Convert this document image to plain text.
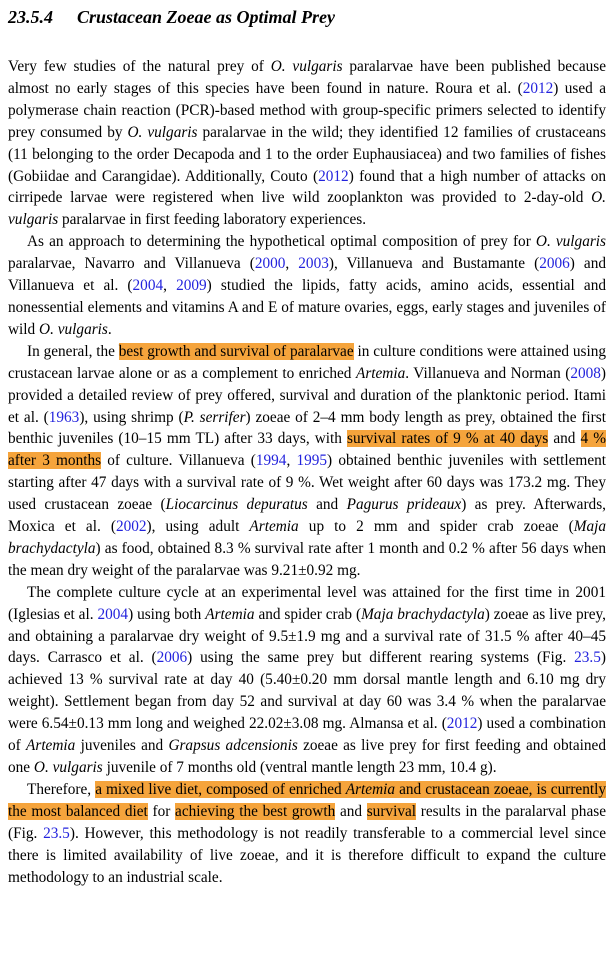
23.5.4 Crustacean Zoeae as Optimal Prey

Very few studies of the natural prey of O. vulgaris paralarvae have been published because almost no early stages of this species have been found in nature. Roura et al. (2012) used a polymerase chain reaction (PCR)-based method with group-specific primers selected to identify prey consumed by O. vulgaris paralarvae in the wild; they identified 12 families of crustaceans (11 belonging to the order Decapoda and 1 to the order Euphausiacea) and two families of fishes (Gobiidae and Carangidae). Additionally, Couto (2012) found that a high number of attacks on cirripede larvae were registered when live wild zooplankton was provided to 2-day-old O. vulgaris paralarvae in first feeding laboratory experiences.

As an approach to determining the hypothetical optimal composition of prey for O. vulgaris paralarvae, Navarro and Villanueva (2000, 2003), Villanueva and Bustamante (2006) and Villanueva et al. (2004, 2009) studied the lipids, fatty acids, amino acids, essential and nonessential elements and vitamins A and E of mature ovaries, eggs, early stages and juveniles of wild O. vulgaris.

In general, the best growth and survival of paralarvae in culture conditions were attained using crustacean larvae alone or as a complement to enriched Artemia. Villanueva and Norman (2008) provided a detailed review of prey offered, survival and duration of the planktonic period. Itami et al. (1963), using shrimp (P. serrifer) zoeae of 2–4 mm body length as prey, obtained the first benthic juveniles (10–15 mm TL) after 33 days, with survival rates of 9 % at 40 days and 4 % after 3 months of culture. Villanueva (1994, 1995) obtained benthic juveniles with settlement starting after 47 days with a survival rate of 9 %. Wet weight after 60 days was 173.2 mg. They used crustacean zoeae (Liocarcinus depuratus and Pagurus prideaux) as prey. Afterwards, Moxica et al. (2002), using adult Artemia up to 2 mm and spider crab zoeae (Maja brachydactyla) as food, obtained 8.3 % survival rate after 1 month and 0.2 % after 56 days when the mean dry weight of the paralarvae was 9.21±0.92 mg.

The complete culture cycle at an experimental level was attained for the first time in 2001 (Iglesias et al. 2004) using both Artemia and spider crab (Maja brachydactyla) zoeae as live prey, and obtaining a paralarvae dry weight of 9.5±1.9 mg and a survival rate of 31.5 % after 40–45 days. Carrasco et al. (2006) using the same prey but different rearing systems (Fig. 23.5) achieved 13 % survival rate at day 40 (5.40±0.20 mm dorsal mantle length and 6.10 mg dry weight). Settlement began from day 52 and survival at day 60 was 3.4 % when the paralarvae were 6.54±0.13 mm long and weighed 22.02±3.08 mg. Almansa et al. (2012) used a combination of Artemia juveniles and Grapsus adcensionis zoeae as live prey for first feeding and obtained one O. vulgaris juvenile of 7 months old (ventral mantle length 23 mm, 10.4 g).

Therefore, a mixed live diet, composed of enriched Artemia and crustacean zoeae, is currently the most balanced diet for achieving the best growth and survival results in the paralarval phase (Fig. 23.5). However, this methodology is not readily transferable to a commercial level since there is limited availability of live zoeae, and it is therefore difficult to expand the culture methodology to an industrial scale.
